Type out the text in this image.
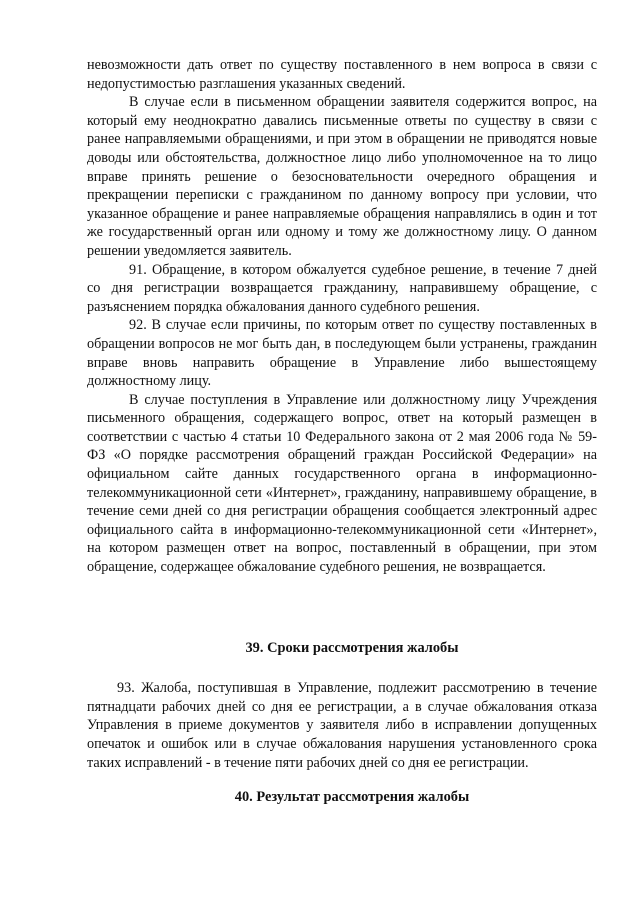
невозможности дать ответ по существу поставленного в нем вопроса в связи с недопустимостью разглашения указанных сведений.

В случае если в письменном обращении заявителя содержится вопрос, на который ему неоднократно давались письменные ответы по существу в связи с ранее направляемыми обращениями, и при этом в обращении не приводятся новые доводы или обстоятельства, должностное лицо либо уполномоченное на то лицо вправе принять решение о безосновательности очередного обращения и прекращении переписки с гражданином по данному вопросу при условии, что указанное обращение и ранее направляемые обращения направлялись в один и тот же государственный орган или одному и тому же должностному лицу. О данном решении уведомляется заявитель.

91. Обращение, в котором обжалуется судебное решение, в течение 7 дней со дня регистрации возвращается гражданину, направившему обращение, с разъяснением порядка обжалования данного судебного решения.

92. В случае если причины, по которым ответ по существу поставленных в обращении вопросов не мог быть дан, в последующем были устранены, гражданин вправе вновь направить обращение в Управление либо вышестоящему должностному лицу.

В случае поступления в Управление или должностному лицу Учреждения письменного обращения, содержащего вопрос, ответ на который размещен в соответствии с частью 4 статьи 10 Федерального закона от 2 мая 2006 года № 59-ФЗ «О порядке рассмотрения обращений граждан Российской Федерации» на официальном сайте данных государственного органа в информационно-телекоммуникационной сети «Интернет», гражданину, направившему обращение, в течение семи дней со дня регистрации обращения сообщается электронный адрес официального сайта в информационно-телекоммуникационной сети «Интернет», на котором размещен ответ на вопрос, поставленный в обращении, при этом обращение, содержащее обжалование судебного решения, не возвращается.

39. Сроки рассмотрения жалобы

93. Жалоба, поступившая в Управление, подлежит рассмотрению в течение пятнадцати рабочих дней со дня ее регистрации, а в случае обжалования отказа Управления в приеме документов у заявителя либо в исправлении допущенных опечаток и ошибок или в случае обжалования нарушения установленного срока таких исправлений - в течение пяти рабочих дней со дня ее регистрации.

40. Результат рассмотрения жалобы
